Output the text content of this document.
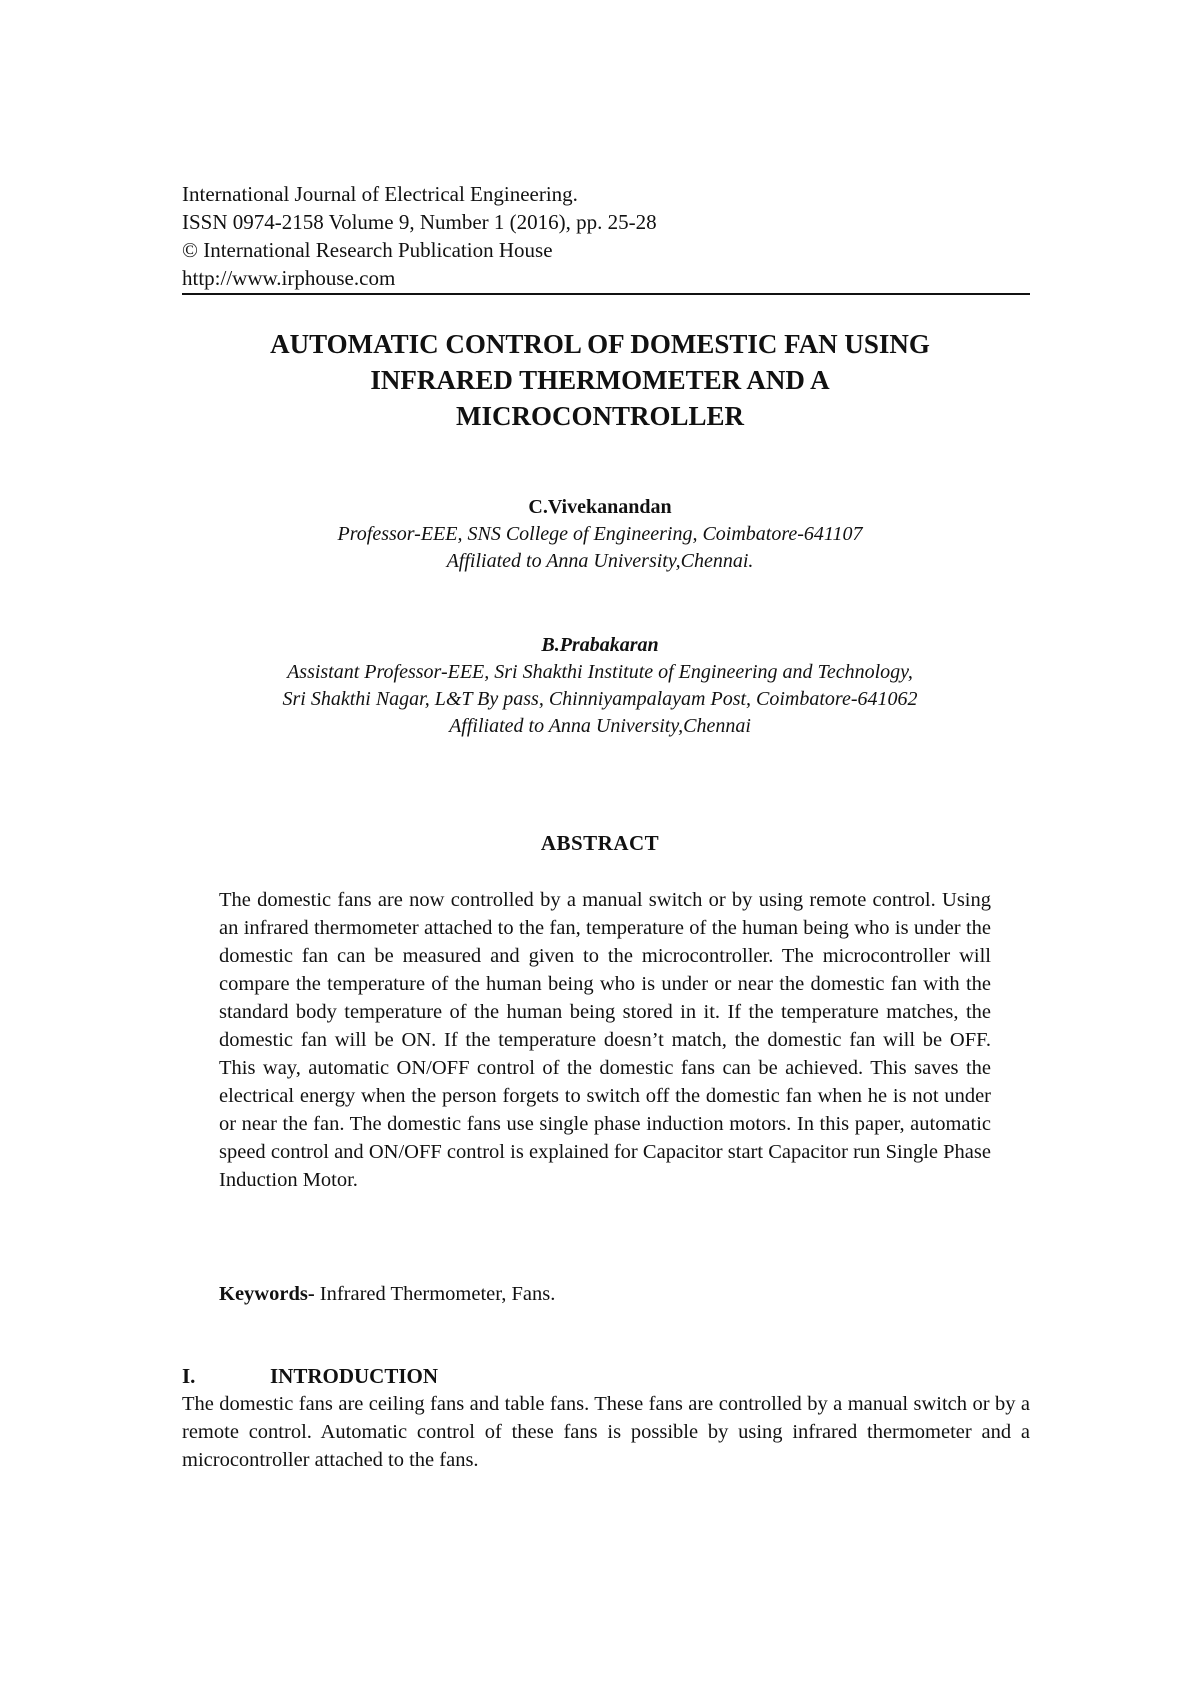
International Journal of Electrical Engineering.
ISSN 0974-2158 Volume 9, Number 1 (2016), pp. 25-28
© International Research Publication House
http://www.irphouse.com
AUTOMATIC CONTROL OF DOMESTIC FAN USING
INFRARED THERMOMETER AND A
MICROCONTROLLER
C.Vivekanandan
Professor-EEE, SNS College of Engineering, Coimbatore-641107
Affiliated to Anna University,Chennai.
B.Prabakaran
Assistant Professor-EEE, Sri Shakthi Institute of Engineering and Technology,
Sri Shakthi Nagar, L&T By pass, Chinniyampalayam Post, Coimbatore-641062
Affiliated to Anna University,Chennai
ABSTRACT

The domestic fans are now controlled by a manual switch or by using remote control. Using an infrared thermometer attached to the fan, temperature of the human being who is under the domestic fan can be measured and given to the microcontroller. The microcontroller will compare the temperature of the human being who is under or near the domestic fan with the standard body temperature of the human being stored in it. If the temperature matches, the domestic fan will be ON. If the temperature doesn’t match, the domestic fan will be OFF. This way, automatic ON/OFF control of the domestic fans can be achieved. This saves the electrical energy when the person forgets to switch off the domestic fan when he is not under or near the fan. The domestic fans use single phase induction motors. In this paper, automatic speed control and ON/OFF control is explained for Capacitor start Capacitor run Single Phase Induction Motor.

Keywords- Infrared Thermometer, Fans.

I.	INTRODUCTION

The domestic fans are ceiling fans and table fans. These fans are controlled by a manual switch or by a remote control. Automatic control of these fans is possible by using infrared thermometer and a microcontroller attached to the fans.
